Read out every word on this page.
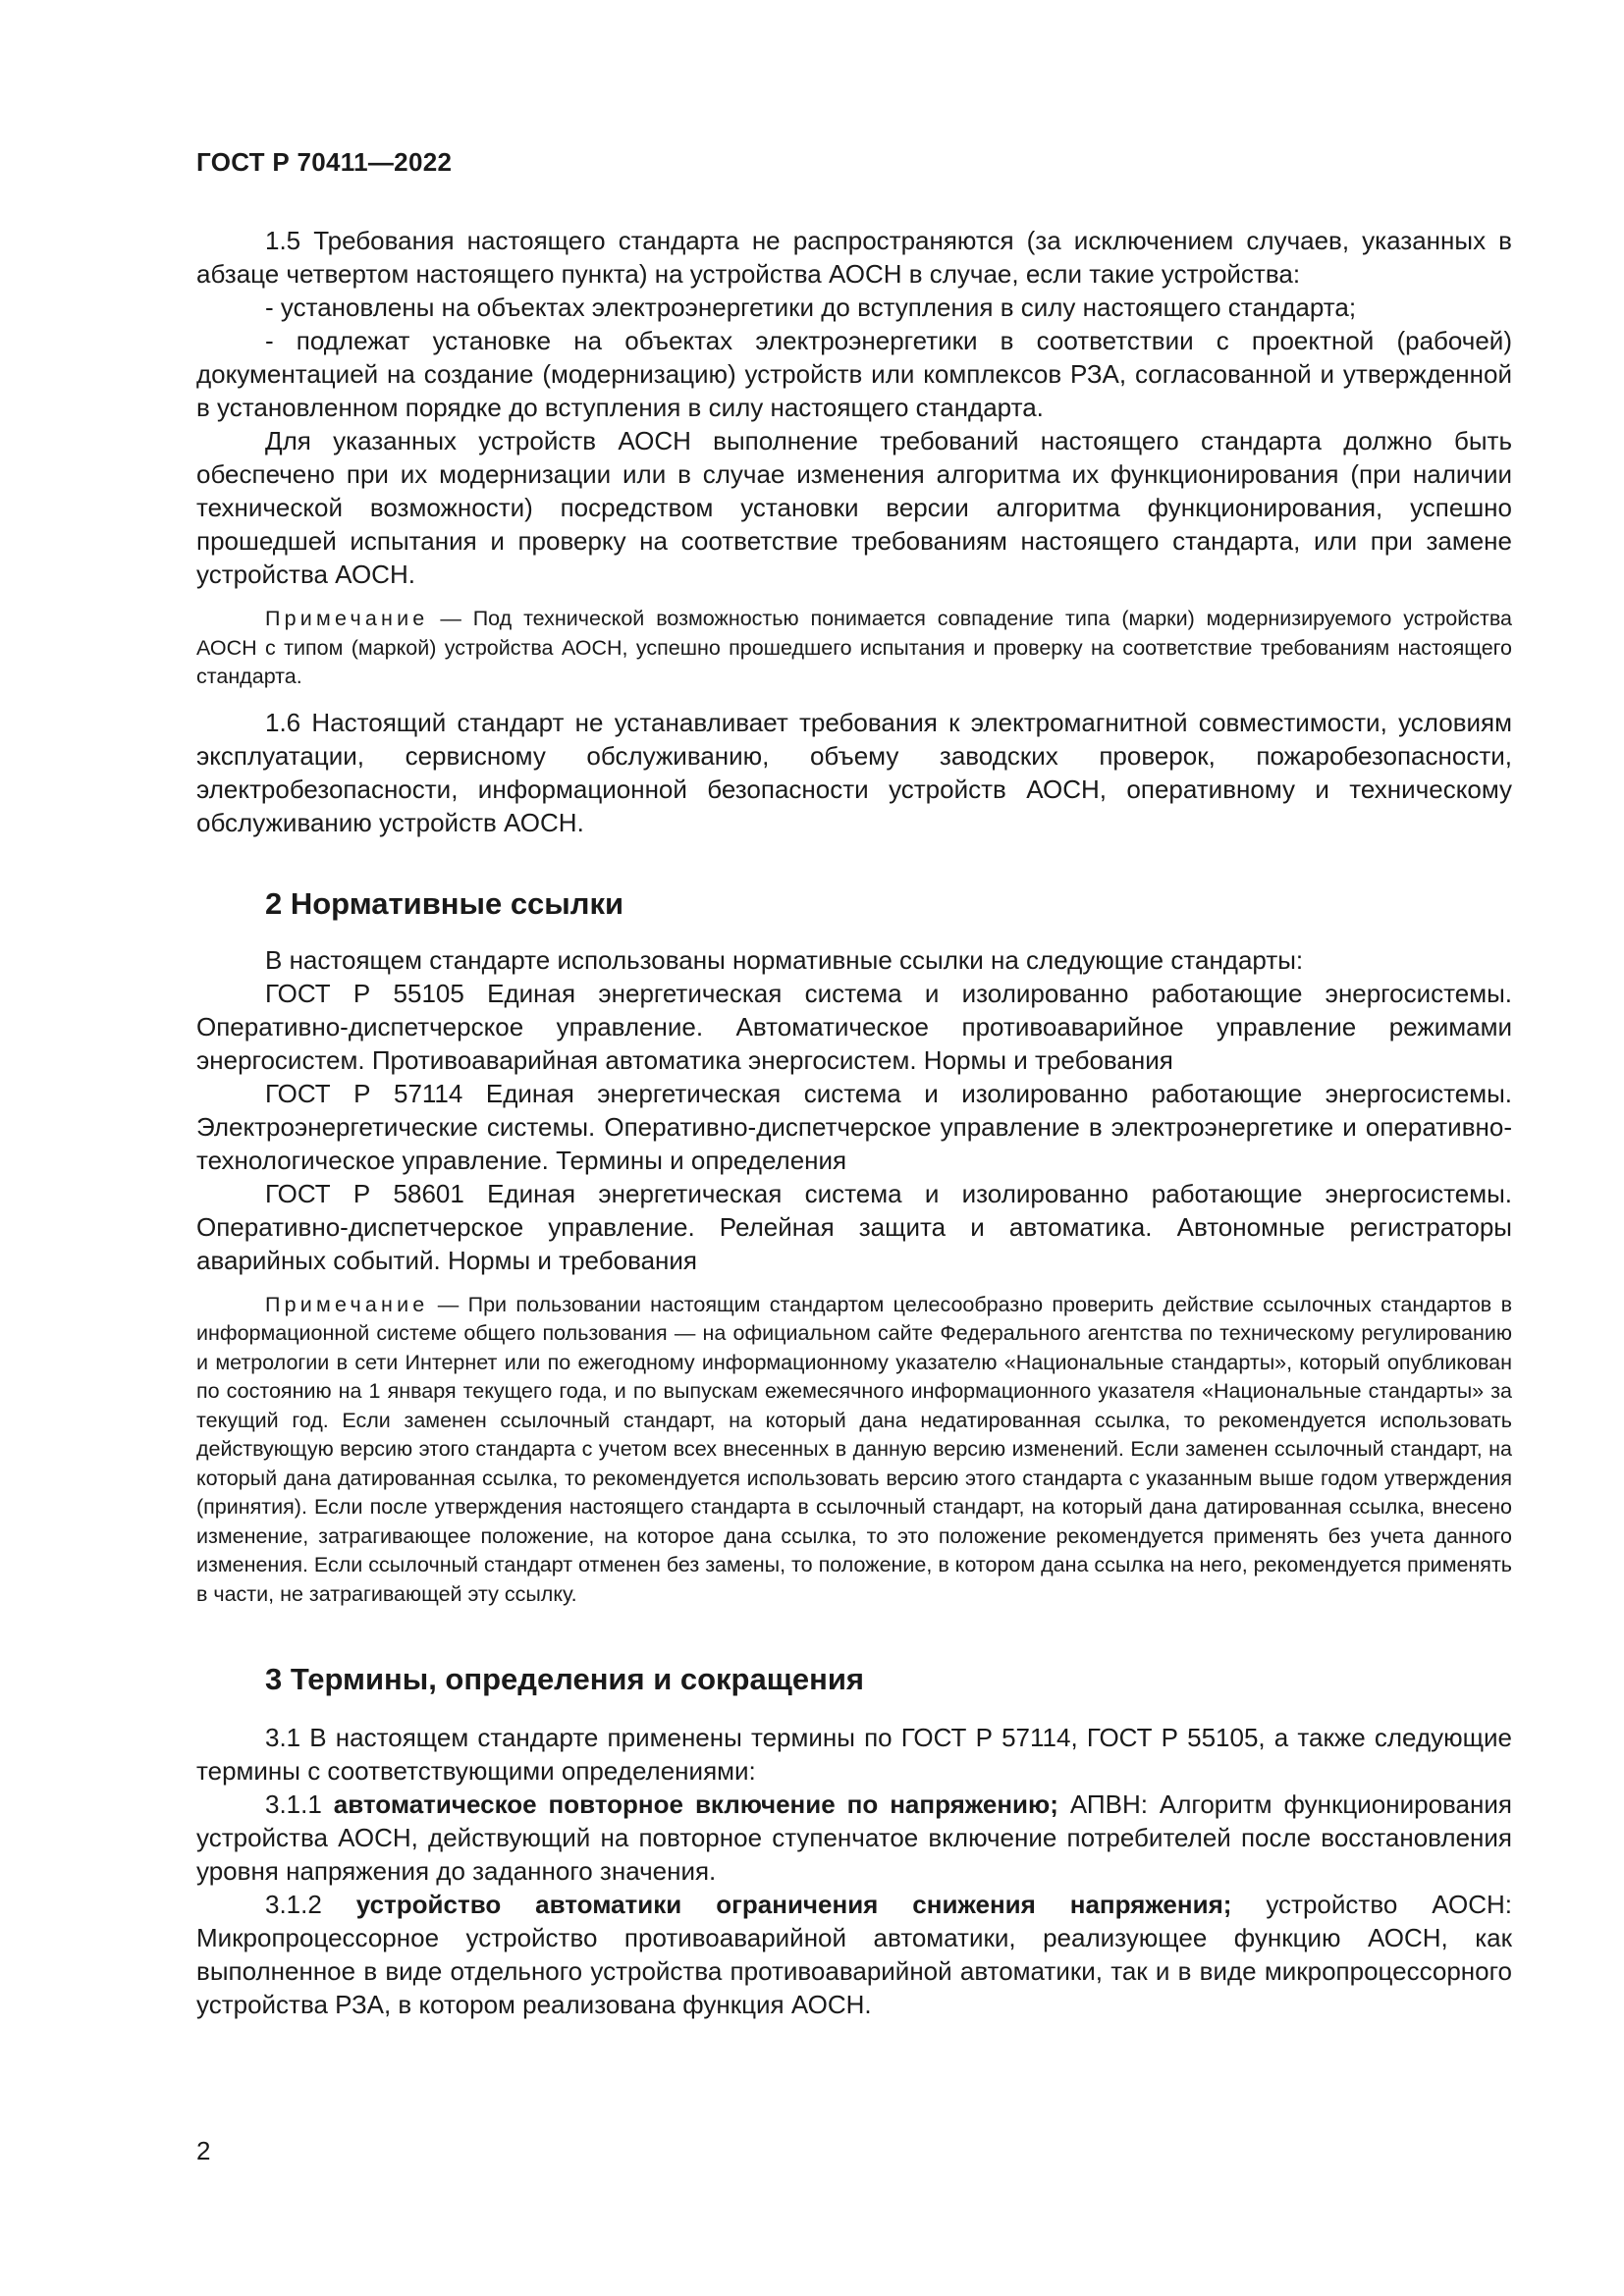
ГОСТ Р 70411—2022

1.5 Требования настоящего стандарта не распространяются (за исключением случаев, указанных в абзаце четвертом настоящего пункта) на устройства АОСН в случае, если такие устройства:

- установлены на объектах электроэнергетики до вступления в силу настоящего стандарта;

- подлежат установке на объектах электроэнергетики в соответствии с проектной (рабочей) документацией на создание (модернизацию) устройств или комплексов РЗА, согласованной и утвержденной в установленном порядке до вступления в силу настоящего стандарта.

Для указанных устройств АОСН выполнение требований настоящего стандарта должно быть обеспечено при их модернизации или в случае изменения алгоритма их функционирования (при наличии технической возможности) посредством установки версии алгоритма функционирования, успешно прошедшей испытания и проверку на соответствие требованиям настоящего стандарта, или при замене устройства АОСН.

Примечание — Под технической возможностью понимается совпадение типа (марки) модернизируемого устройства АОСН с типом (маркой) устройства АОСН, успешно прошедшего испытания и проверку на соответствие требованиям настоящего стандарта.

1.6 Настоящий стандарт не устанавливает требования к электромагнитной совместимости, условиям эксплуатации, сервисному обслуживанию, объему заводских проверок, пожаробезопасности, электробезопасности, информационной безопасности устройств АОСН, оперативному и техническому обслуживанию устройств АОСН.

2 Нормативные ссылки

В настоящем стандарте использованы нормативные ссылки на следующие стандарты:

ГОСТ Р 55105 Единая энергетическая система и изолированно работающие энергосистемы. Оперативно-диспетчерское управление. Автоматическое противоаварийное управление режимами энергосистем. Противоаварийная автоматика энергосистем. Нормы и требования

ГОСТ Р 57114 Единая энергетическая система и изолированно работающие энергосистемы. Электроэнергетические системы. Оперативно-диспетчерское управление в электроэнергетике и оперативно-технологическое управление. Термины и определения

ГОСТ Р 58601 Единая энергетическая система и изолированно работающие энергосистемы. Оперативно-диспетчерское управление. Релейная защита и автоматика. Автономные регистраторы аварийных событий. Нормы и требования

Примечание — При пользовании настоящим стандартом целесообразно проверить действие ссылочных стандартов в информационной системе общего пользования — на официальном сайте Федерального агентства по техническому регулированию и метрологии в сети Интернет или по ежегодному информационному указателю «Национальные стандарты», который опубликован по состоянию на 1 января текущего года, и по выпускам ежемесячного информационного указателя «Национальные стандарты» за текущий год. Если заменен ссылочный стандарт, на который дана недатированная ссылка, то рекомендуется использовать действующую версию этого стандарта с учетом всех внесенных в данную версию изменений. Если заменен ссылочный стандарт, на который дана датированная ссылка, то рекомендуется использовать версию этого стандарта с указанным выше годом утверждения (принятия). Если после утверждения настоящего стандарта в ссылочный стандарт, на который дана датированная ссылка, внесено изменение, затрагивающее положение, на которое дана ссылка, то это положение рекомендуется применять без учета данного изменения. Если ссылочный стандарт отменен без замены, то положение, в котором дана ссылка на него, рекомендуется применять в части, не затрагивающей эту ссылку.

3 Термины, определения и сокращения

3.1 В настоящем стандарте применены термины по ГОСТ Р 57114, ГОСТ Р 55105, а также следующие термины с соответствующими определениями:

3.1.1 автоматическое повторное включение по напряжению; АПВН: Алгоритм функционирования устройства АОСН, действующий на повторное ступенчатое включение потребителей после восстановления уровня напряжения до заданного значения.

3.1.2 устройство автоматики ограничения снижения напряжения; устройство АОСН: Микропроцессорное устройство противоаварийной автоматики, реализующее функцию АОСН, как выполненное в виде отдельного устройства противоаварийной автоматики, так и в виде микропроцессорного устройства РЗА, в котором реализована функция АОСН.

2
